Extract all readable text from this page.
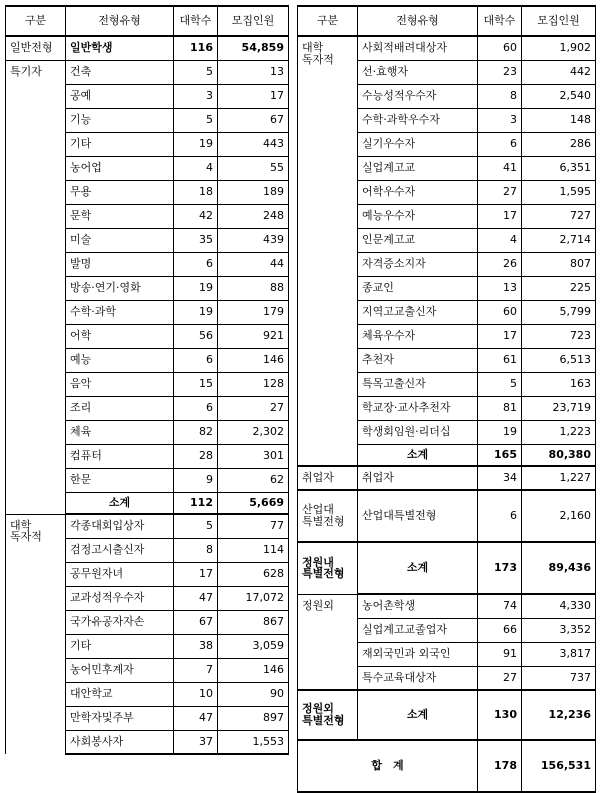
구분	전형유형	대학수	모집인원
일반전형	일반학생	116	54,859
특기자	건축	5	13
	공예	3	17
	기능	5	67
	기타	19	443
	농어업	4	55
	무용	18	189
	문학	42	248
	미술	35	439
	발명	6	44
	방송·연기·영화	19	88
	수학·과학	19	179
	어학	56	921
	예능	6	146
	음악	15	128
	조리	6	27
	체육	82	2,302
	컴퓨터	28	301
	한문	9	62
	소계	112	5,669
대학
독자적	각종대회입상자	5	77
	검정고시출신자	8	114
	공무원자녀	17	628
	교과성적우수자	47	17,072
	국가유공자자손	67	867
	기타	38	3,059
	농어민후계자	7	146
	대안학교	10	90
	만학자및주부	47	897
	사회봉사자	37	1,553
구분	전형유형	대학수	모집인원
대학
독자적	사회적배려대상자	60	1,902
	선·효행자	23	442
	수능성적우수자	8	2,540
	수학·과학우수자	3	148
	실기우수자	6	286
	실업계고교	41	6,351
	어학우수자	27	1,595
	예능우수자	17	727
	인문계고교	4	2,714
	자격증소지자	26	807
	종교인	13	225
	지역고교출신자	60	5,799
	체육우수자	17	723
	추천자	61	6,513
	특목고출신자	5	163
	학교장·교사추천자	81	23,719
	학생회임원·리더십	19	1,223
	소계	165	80,380
취업자	취업자	34	1,227
산업대
특별전형	산업대특별전형	6	2,160
정원내
특별전형	소계	173	89,436
정원외	농어촌학생	74	4,330
	실업계고교졸업자	66	3,352
	재외국민과 외국인	91	3,817
	특수교육대상자	27	737
정원외
특별전형	소계	130	12,236
합　계		178	156,531
